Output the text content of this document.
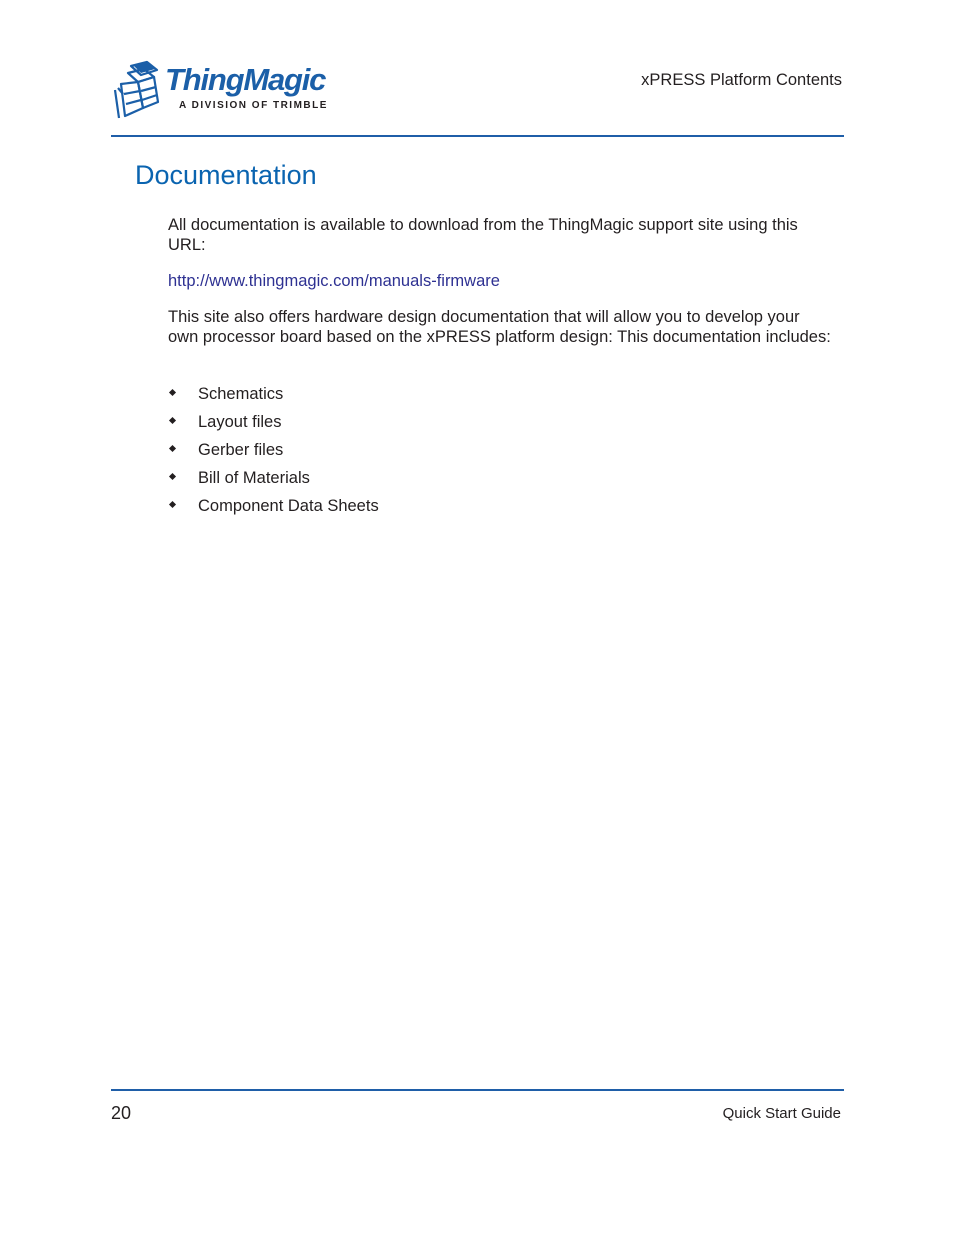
ThingMagic
A DIVISION OF TRIMBLE
xPRESS Platform Contents
Documentation

All documentation is available to download from the ThingMagic support site using this URL:

http://www.thingmagic.com/manuals-firmware

This site also offers hardware design documentation that will allow you to develop your own processor board based on the xPRESS platform design: This documentation includes:

Schematics
Layout files
Gerber files
Bill of Materials
Component Data Sheets
20	Quick Start Guide
